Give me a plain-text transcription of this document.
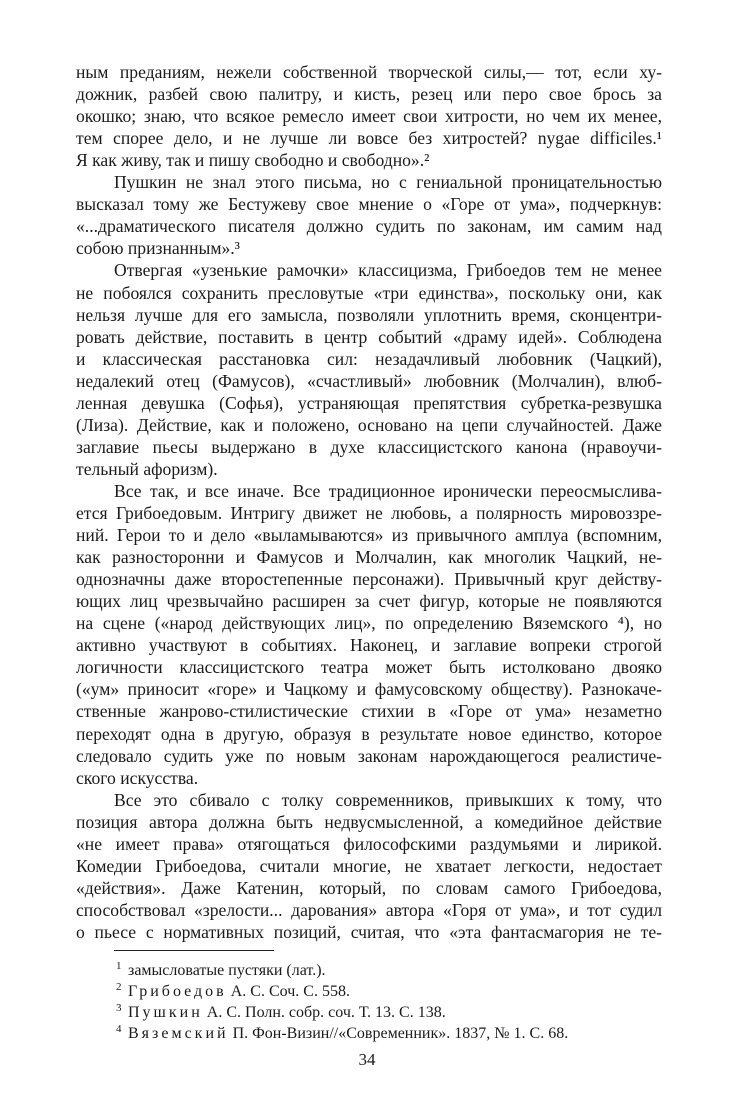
ным преданиям, нежели собственной творческой силы,— тот, если ху-
дожник, разбей свою палитру, и кисть, резец или перо свое брось за
окошко; знаю, что всякое ремесло имеет свои хитрости, но чем их менее,
тем спорее дело, и не лучше ли вовсе без хитростей? nygae difficiles.¹
Я как живу, так и пишу свободно и свободно».²
Пушкин не знал этого письма, но с гениальной проницательностью
высказал тому же Бестужеву свое мнение о «Горе от ума», подчеркнув:
«...драматического писателя должно судить по законам, им самим над
собою признанным».³
Отвергая «узенькие рамочки» классицизма, Грибоедов тем не менее
не побоялся сохранить пресловутые «три единства», поскольку они, как
нельзя лучше для его замысла, позволяли уплотнить время, сконцентри-
ровать действие, поставить в центр событий «драму идей». Соблюдена
и классическая расстановка сил: незадачливый любовник (Чацкий),
недалекий отец (Фамусов), «счастливый» любовник (Молчалин), влюб-
ленная девушка (Софья), устраняющая препятствия субретка-резвушка
(Лиза). Действие, как и положено, основано на цепи случайностей. Даже
заглавие пьесы выдержано в духе классицистского канона (нравоучи-
тельный афоризм).
Все так, и все иначе. Все традиционное иронически переосмыслива-
ется Грибоедовым. Интригу движет не любовь, а полярность мировоззре-
ний. Герои то и дело «выламываются» из привычного амплуа (вспомним,
как разносторонни и Фамусов и Молчалин, как многолик Чацкий, не-
однозначны даже второстепенные персонажи). Привычный круг действу-
ющих лиц чрезвычайно расширен за счет фигур, которые не появляются
на сцене («народ действующих лиц», по определению Вяземского ⁴), но
активно участвуют в событиях. Наконец, и заглавие вопреки строгой
логичности классицистского театра может быть истолковано двояко
(«ум» приносит «горе» и Чацкому и фамусовскому обществу). Разнокаче-
ственные жанрово-стилистические стихии в «Горе от ума» незаметно
переходят одна в другую, образуя в результате новое единство, которое
следовало судить уже по новым законам нарождающегося реалистиче-
ского искусства.
Все это сбивало с толку современников, привыкших к тому, что
позиция автора должна быть недвусмысленной, а комедийное действие
«не имеет права» отягощаться философскими раздумьями и лирикой.
Комедии Грибоедова, считали многие, не хватает легкости, недостает
«действия». Даже Катенин, который, по словам самого Грибоедова,
способствовал «зрелости... дарования» автора «Горя от ума», и тот судил
о пьесе с нормативных позиций, считая, что «эта фантасмагория не те-
1 замысловатые пустяки (лат.).
2 Грибоедов А. С. Соч. С. 558.
3 Пушкин А. С. Полн. собр. соч. Т. 13. С. 138.
4 Вяземский П. Фон-Визин//«Современник». 1837, № 1. С. 68.
34
